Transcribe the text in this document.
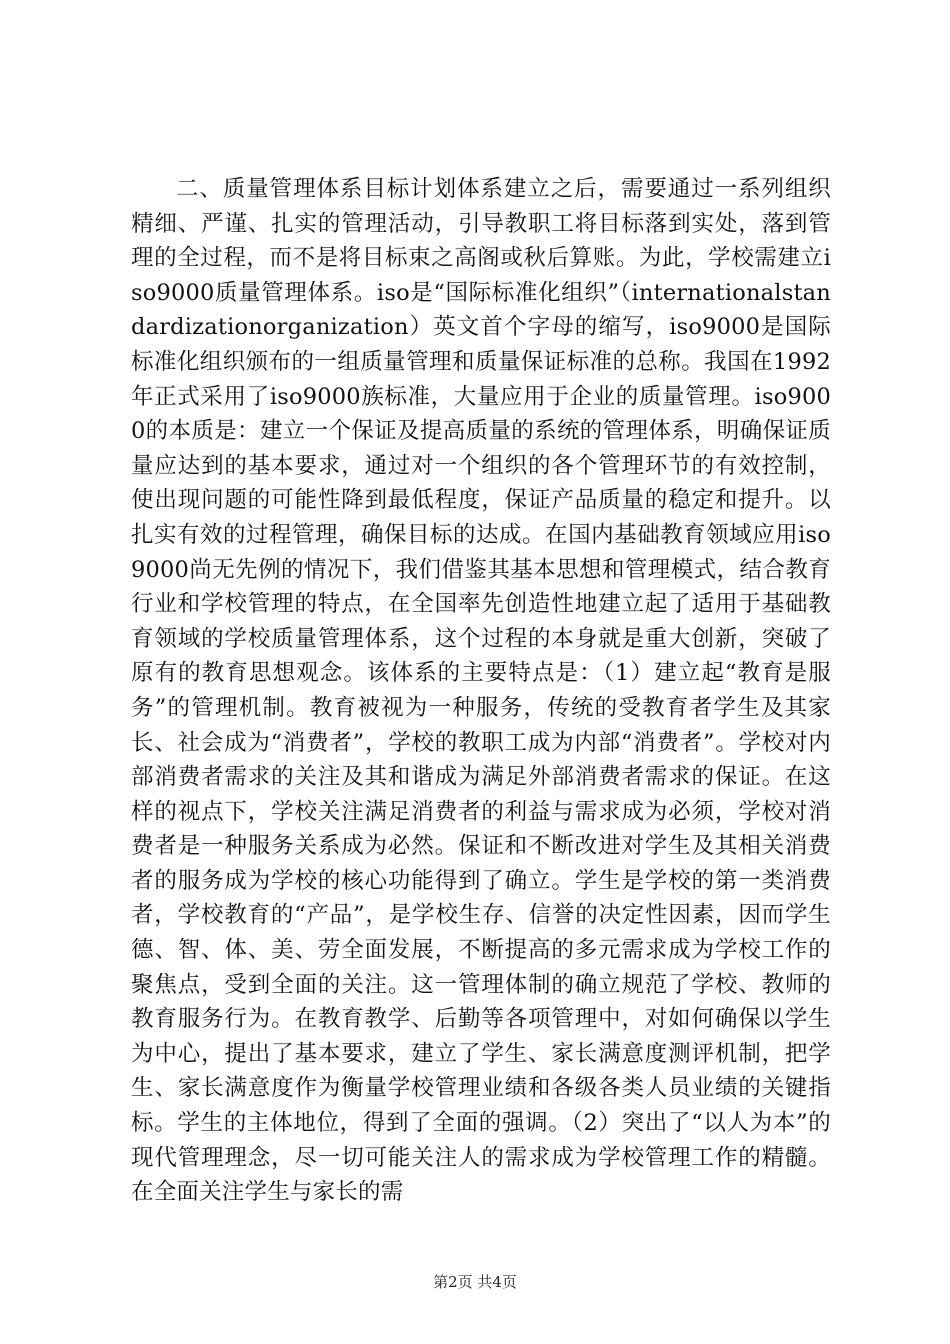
二、质量管理体系目标计划体系建立之后，需要通过一系列组织精细、严谨、扎实的管理活动，引导教职工将目标落到实处，落到管理的全过程，而不是将目标束之高阁或秋后算账。为此，学校需建立iso9000质量管理体系。iso是“国际标准化组织”（internationalstandardizationorganization）英文首个字母的缩写，iso9000是国际标准化组织颁布的一组质量管理和质量保证标准的总称。我国在1992年正式采用了iso9000族标准，大量应用于企业的质量管理。iso9000的本质是：建立一个保证及提高质量的系统的管理体系，明确保证质量应达到的基本要求，通过对一个组织的各个管理环节的有效控制，使出现问题的可能性降到最低程度，保证产品质量的稳定和提升。以扎实有效的过程管理，确保目标的达成。在国内基础教育领域应用iso9000尚无先例的情况下，我们借鉴其基本思想和管理模式，结合教育行业和学校管理的特点，在全国率先创造性地建立起了适用于基础教育领域的学校质量管理体系，这个过程的本身就是重大创新，突破了原有的教育思想观念。该体系的主要特点是：（1）建立起“教育是服务”的管理机制。教育被视为一种服务，传统的受教育者学生及其家长、社会成为“消费者”，学校的教职工成为内部“消费者”。学校对内部消费者需求的关注及其和谐成为满足外部消费者需求的保证。在这样的视点下，学校关注满足消费者的利益与需求成为必须，学校对消费者是一种服务关系成为必然。保证和不断改进对学生及其相关消费者的服务成为学校的核心功能得到了确立。学生是学校的第一类消费者，学校教育的“产品”，是学校生存、信誉的决定性因素，因而学生德、智、体、美、劳全面发展，不断提高的多元需求成为学校工作的聚焦点，受到全面的关注。这一管理体制的确立规范了学校、教师的教育服务行为。在教育教学、后勤等各项管理中，对如何确保以学生为中心，提出了基本要求，建立了学生、家长满意度测评机制，把学生、家长满意度作为衡量学校管理业绩和各级各类人员业绩的关键指标。学生的主体地位，得到了全面的强调。（2）突出了“以人为本”的现代管理理念，尽一切可能关注人的需求成为学校管理工作的精髓。在全面关注学生与家长的需

第2页 共4页
